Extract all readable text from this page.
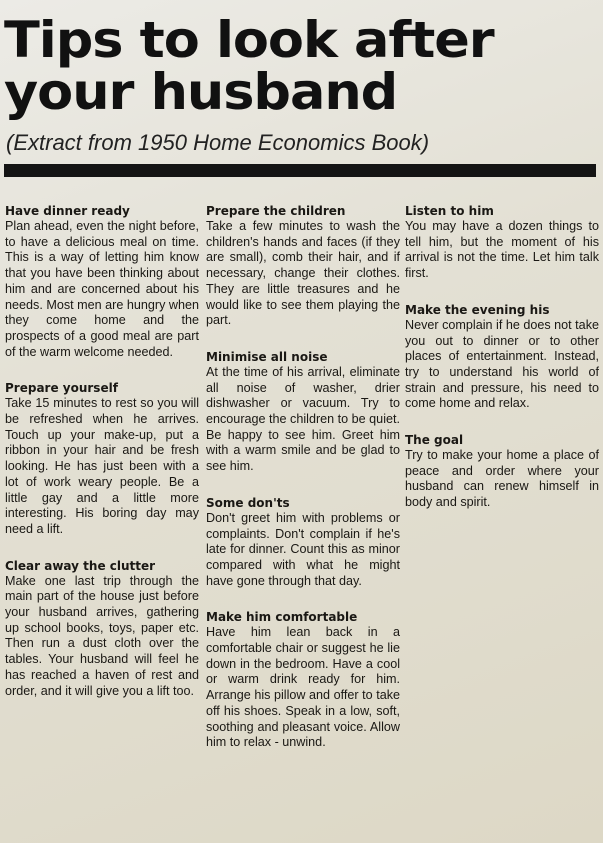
Tips to look after your husband
(Extract from 1950 Home Economics Book)
Have dinner ready

Plan ahead, even the night before, to have a delicious meal on time. This is a way of letting him know that you have been thinking about him and are concerned about his needs. Most men are hungry when they come home and the prospects of a good meal are part of the warm welcome needed.

Prepare yourself

Take 15 minutes to rest so you will be refreshed when he arrives. Touch up your make-up, put a ribbon in your hair and be fresh looking. He has just been with a lot of work weary people. Be a little gay and a little more interesting. His boring day may need a lift.

Clear away the clutter

Make one last trip through the main part of the house just before your husband arrives, gathering up school books, toys, paper etc. Then run a dust cloth over the tables. Your husband will feel he has reached a haven of rest and order, and it will give you a lift too.

Prepare the children

Take a few minutes to wash the children's hands and faces (if they are small), comb their hair, and if necessary, change their clothes. They are little treasures and he would like to see them playing the part.

Minimise all noise

At the time of his arrival, eliminate all noise of washer, drier dishwasher or vacuum. Try to encourage the children to be quiet. Be happy to see him. Greet him with a warm smile and be glad to see him.

Some don'ts

Don't greet him with problems or complaints. Don't complain if he's late for dinner. Count this as minor compared with what he might have gone through that day.

Make him comfortable

Have him lean back in a comfortable chair or suggest he lie down in the bedroom. Have a cool or warm drink ready for him. Arrange his pillow and offer to take off his shoes. Speak in a low, soft, soothing and pleasant voice. Allow him to relax - unwind.

Listen to him

You may have a dozen things to tell him, but the moment of his arrival is not the time. Let him talk first.

Make the evening his

Never complain if he does not take you out to dinner or to other places of entertainment. Instead, try to understand his world of strain and pressure, his need to come home and relax.

The goal

Try to make your home a place of peace and order where your husband can renew himself in body and spirit.
